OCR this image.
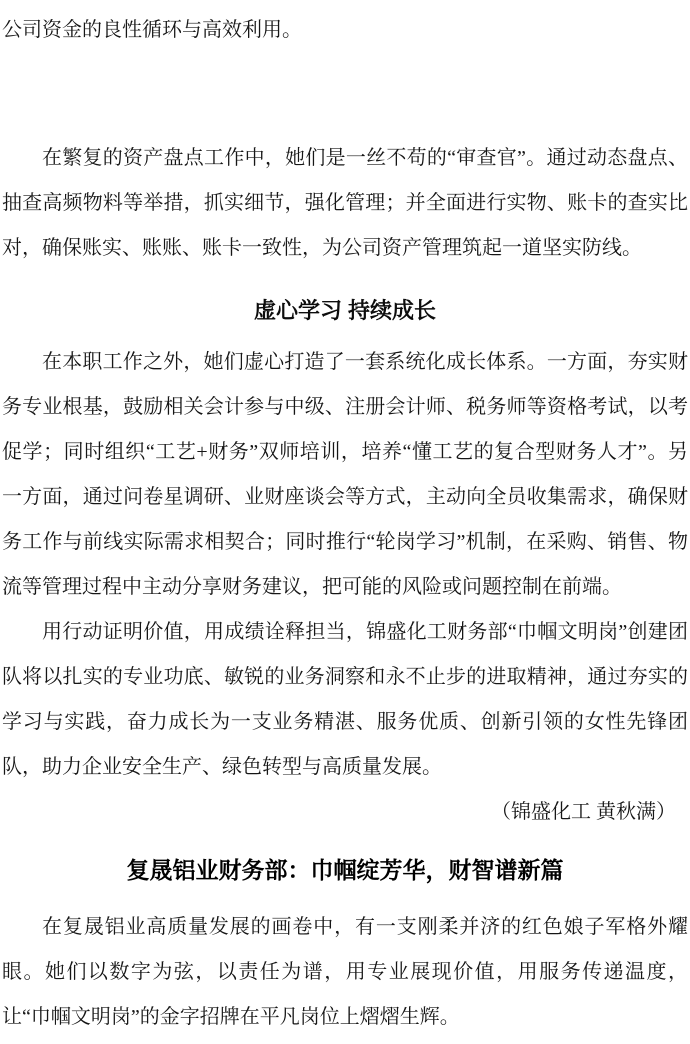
公司资金的良性循环与高效利用。

在繁复的资产盘点工作中，她们是一丝不苟的“审查官”。通过动态盘点、抽查高频物料等举措，抓实细节，强化管理；并全面进行实物、账卡的查实比对，确保账实、账账、账卡一致性，为公司资产管理筑起一道坚实防线。

虚心学习 持续成长

在本职工作之外，她们虚心打造了一套系统化成长体系。一方面，夯实财务专业根基，鼓励相关会计参与中级、注册会计师、税务师等资格考试，以考促学；同时组织“工艺+财务”双师培训，培养“懂工艺的复合型财务人才”。另一方面，通过问卷星调研、业财座谈会等方式，主动向全员收集需求，确保财务工作与前线实际需求相契合；同时推行“轮岗学习”机制，在采购、销售、物流等管理过程中主动分享财务建议，把可能的风险或问题控制在前端。

用行动证明价值，用成绩诠释担当，锦盛化工财务部“巾帼文明岗”创建团队将以扎实的专业功底、敏锐的业务洞察和永不止步的进取精神，通过夯实的学习与实践，奋力成长为一支业务精湛、服务优质、创新引领的女性先锋团队，助力企业安全生产、绿色转型与高质量发展。

（锦盛化工 黄秋满）

复晟铝业财务部：巾帼绽芳华，财智谱新篇

在复晟铝业高质量发展的画卷中，有一支刚柔并济的红色娘子军格外耀眼。她们以数字为弦，以责任为谱，用专业展现价值，用服务传递温度，让“巾帼文明岗”的金字招牌在平凡岗位上熠熠生辉。
